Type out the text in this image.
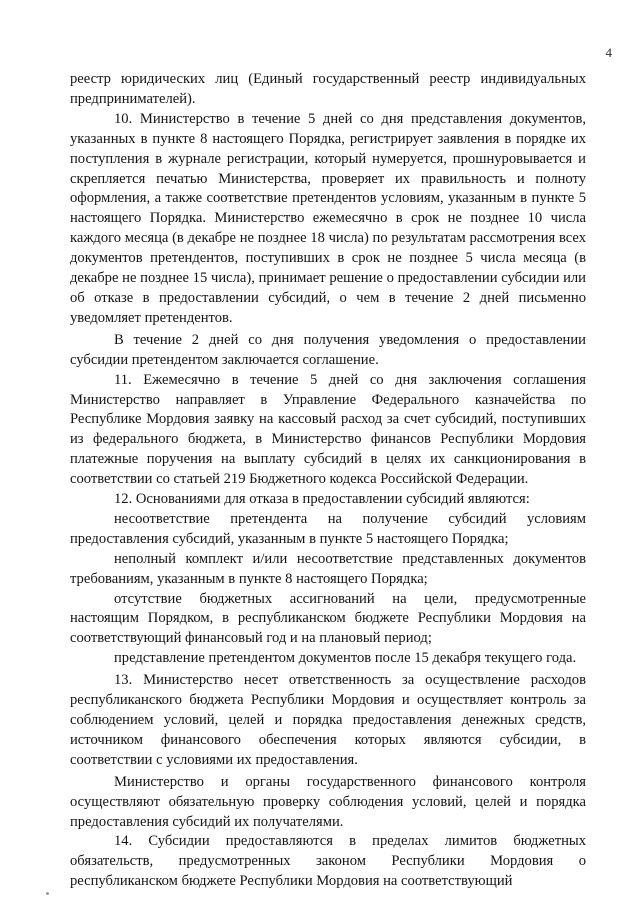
4

реестр юридических лиц (Единый государственный реестр индивидуальных предпринимателей).

10. Министерство в течение 5 дней со дня представления документов, указанных в пункте 8 настоящего Порядка, регистрирует заявления в порядке их поступления в журнале регистрации, который нумеруется, прошнуровывается и скрепляется печатью Министерства, проверяет их правильность и полноту оформления, а также соответствие претендентов условиям, указанным в пункте 5 настоящего Порядка. Министерство ежемесячно в срок не позднее 10 числа каждого месяца (в декабре не позднее 18 числа) по результатам рассмотрения всех документов претендентов, поступивших в срок не позднее 5 числа месяца (в декабре не позднее 15 числа), принимает решение о предоставлении субсидии или об отказе в предоставлении субсидий, о чем в течение 2 дней письменно уведомляет претендентов.

В течение 2 дней со дня получения уведомления о предоставлении субсидии претендентом заключается соглашение.

11. Ежемесячно в течение 5 дней со дня заключения соглашения Министерство направляет в Управление Федерального казначейства по Республике Мордовия заявку на кассовый расход за счет субсидий, поступивших из федерального бюджета, в Министерство финансов Республики Мордовия платежные поручения на выплату субсидий в целях их санкционирования в соответствии со статьей 219 Бюджетного кодекса Российской Федерации.

12. Основаниями для отказа в предоставлении субсидий являются:

несоответствие претендента на получение субсидий условиям предоставления субсидий, указанным в пункте 5 настоящего Порядка;

неполный комплект и/или несоответствие представленных документов требованиям, указанным в пункте 8 настоящего Порядка;

отсутствие бюджетных ассигнований на цели, предусмотренные настоящим Порядком, в республиканском бюджете Республики Мордовия на соответствующий финансовый год и на плановый период;

представление претендентом документов после 15 декабря текущего года.

13. Министерство несет ответственность за осуществление расходов республиканского бюджета Республики Мордовия и осуществляет контроль за соблюдением условий, целей и порядка предоставления денежных средств, источником финансового обеспечения которых являются субсидии, в соответствии с условиями их предоставления.

Министерство и органы государственного финансового контроля осуществляют обязательную проверку соблюдения условий, целей и порядка предоставления субсидий их получателями.

14. Субсидии предоставляются в пределах лимитов бюджетных обязательств, предусмотренных законом Республики Мордовия о республиканском бюджете Республики Мордовия на соответствующий
